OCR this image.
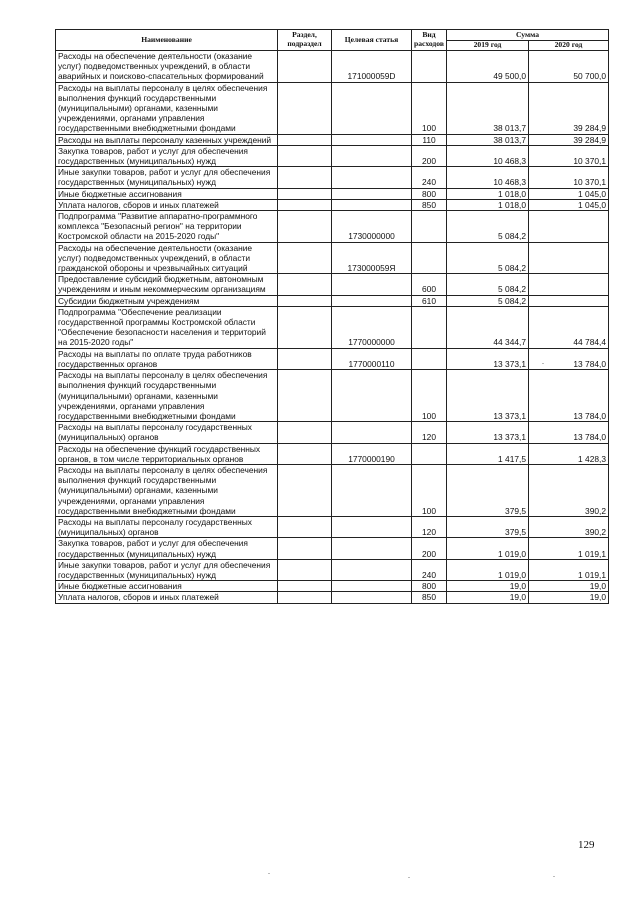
Наименование	Раздел, подраздел	Целевая статья	Вид расходов	Сумма	
				2019 год	2020 год
Расходы на обеспечение деятельности (оказание услуг) подведомственных учреждений, в области аварийных и поисково-спасательных формирований		171000059D		49 500,0	50 700,0
Расходы на выплаты персоналу в целях обеспечения выполнения функций государственными (муниципальными) органами, казенными учреждениями, органами управления государственными внебюджетными фондами			100	38 013,7	39 284,9
Расходы на выплаты персоналу казенных учреждений			110	38 013,7	39 284,9
Закупка товаров, работ и услуг для обеспечения государственных (муниципальных) нужд			200	10 468,3	10 370,1
Иные закупки товаров, работ и услуг для обеспечения государственных (муниципальных) нужд			240	10 468,3	10 370,1
Иные бюджетные ассигнования			800	1 018,0	1 045,0
Уплата налогов, сборов и иных платежей			850	1 018,0	1 045,0
Подпрограмма "Развитие аппаратно-программного комплекса "Безопасный регион" на территории Костромской области на 2015-2020 годы"		1730000000		5 084,2	
Расходы на обеспечение деятельности (оказание услуг) подведомственных учреждений, в области гражданской обороны и чрезвычайных ситуаций		173000059Я		5 084,2	
Предоставление субсидий бюджетным, автономным учреждениям и иным некоммерческим организациям			600	5 084,2	
Субсидии бюджетным учреждениям			610	5 084,2	
Подпрограмма "Обеспечение реализации государственной программы Костромской области "Обеспечение безопасности населения и территорий на 2015-2020 годы"		1770000000		44 344,7	44 784,4
Расходы на выплаты по оплате труда работников государственных органов		1770000110		13 373,1	13 784,0
Расходы на выплаты персоналу в целях обеспечения выполнения функций государственными (муниципальными) органами, казенными учреждениями, органами управления государственными внебюджетными фондами			100	13 373,1	13 784,0
Расходы на выплаты персоналу государственных (муниципальных) органов			120	13 373,1	13 784,0
Расходы на обеспечение функций государственных органов, в том числе территориальных органов		1770000190		1 417,5	1 428,3
Расходы на выплаты персоналу в целях обеспечения выполнения функций государственными (муниципальными) органами, казенными учреждениями, органами управления государственными внебюджетными фондами			100	379,5	390,2
Расходы на выплаты персоналу государственных (муниципальных) органов			120	379,5	390,2
Закупка товаров, работ и услуг для обеспечения государственных (муниципальных) нужд			200	1 019,0	1 019,1
Иные закупки товаров, работ и услуг для обеспечения государственных (муниципальных) нужд			240	1 019,0	1 019,1
Иные бюджетные ассигнования			800	19,0	19,0
Уплата налогов, сборов и иных платежей			850	19,0	19,0
129
